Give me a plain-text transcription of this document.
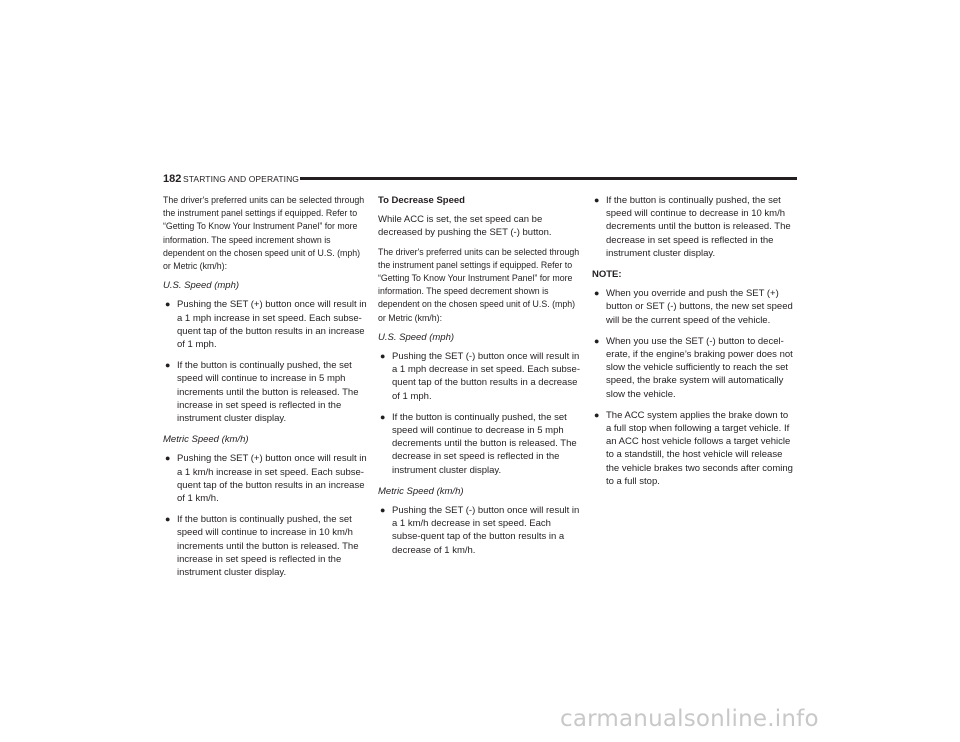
182 STARTING AND OPERATING

The driver's preferred units can be selected through the instrument panel settings if equipped. Refer to “Getting To Know Your Instrument Panel” for more information. The speed increment shown is dependent on the chosen speed unit of U.S. (mph) or Metric (km/h):

U.S. Speed (mph)

● Pushing the SET (+) button once will result in a 1 mph increase in set speed. Each subse-quent tap of the button results in an increase of 1 mph.
● If the button is continually pushed, the set speed will continue to increase in 5 mph increments until the button is released. The increase in set speed is reflected in the instrument cluster display.

Metric Speed (km/h)

● Pushing the SET (+) button once will result in a 1 km/h increase in set speed. Each subse-quent tap of the button results in an increase of 1 km/h.
● If the button is continually pushed, the set speed will continue to increase in 10 km/h increments until the button is released. The increase in set speed is reflected in the instrument cluster display.

To Decrease Speed

While ACC is set, the set speed can be decreased by pushing the SET (-) button.

The driver's preferred units can be selected through the instrument panel settings if equipped. Refer to “Getting To Know Your Instrument Panel” for more information. The speed decrement shown is dependent on the chosen speed unit of U.S. (mph) or Metric (km/h):

U.S. Speed (mph)

● Pushing the SET (-) button once will result in a 1 mph decrease in set speed. Each subse-quent tap of the button results in a decrease of 1 mph.
● If the button is continually pushed, the set speed will continue to decrease in 5 mph decrements until the button is released. The decrease in set speed is reflected in the instrument cluster display.

Metric Speed (km/h)

● Pushing the SET (-) button once will result in a 1 km/h decrease in set speed. Each subse-quent tap of the button results in a decrease of 1 km/h.
● If the button is continually pushed, the set speed will continue to decrease in 10 km/h decrements until the button is released. The decrease in set speed is reflected in the instrument cluster display.

NOTE:

● When you override and push the SET (+) button or SET (-) buttons, the new set speed will be the current speed of the vehicle.
● When you use the SET (-) button to decel-erate, if the engine’s braking power does not slow the vehicle sufficiently to reach the set speed, the brake system will automatically slow the vehicle.
● The ACC system applies the brake down to a full stop when following a target vehicle. If an ACC host vehicle follows a target vehicle to a standstill, the host vehicle will release the vehicle brakes two seconds after coming to a full stop.
carmanualsonline.info
